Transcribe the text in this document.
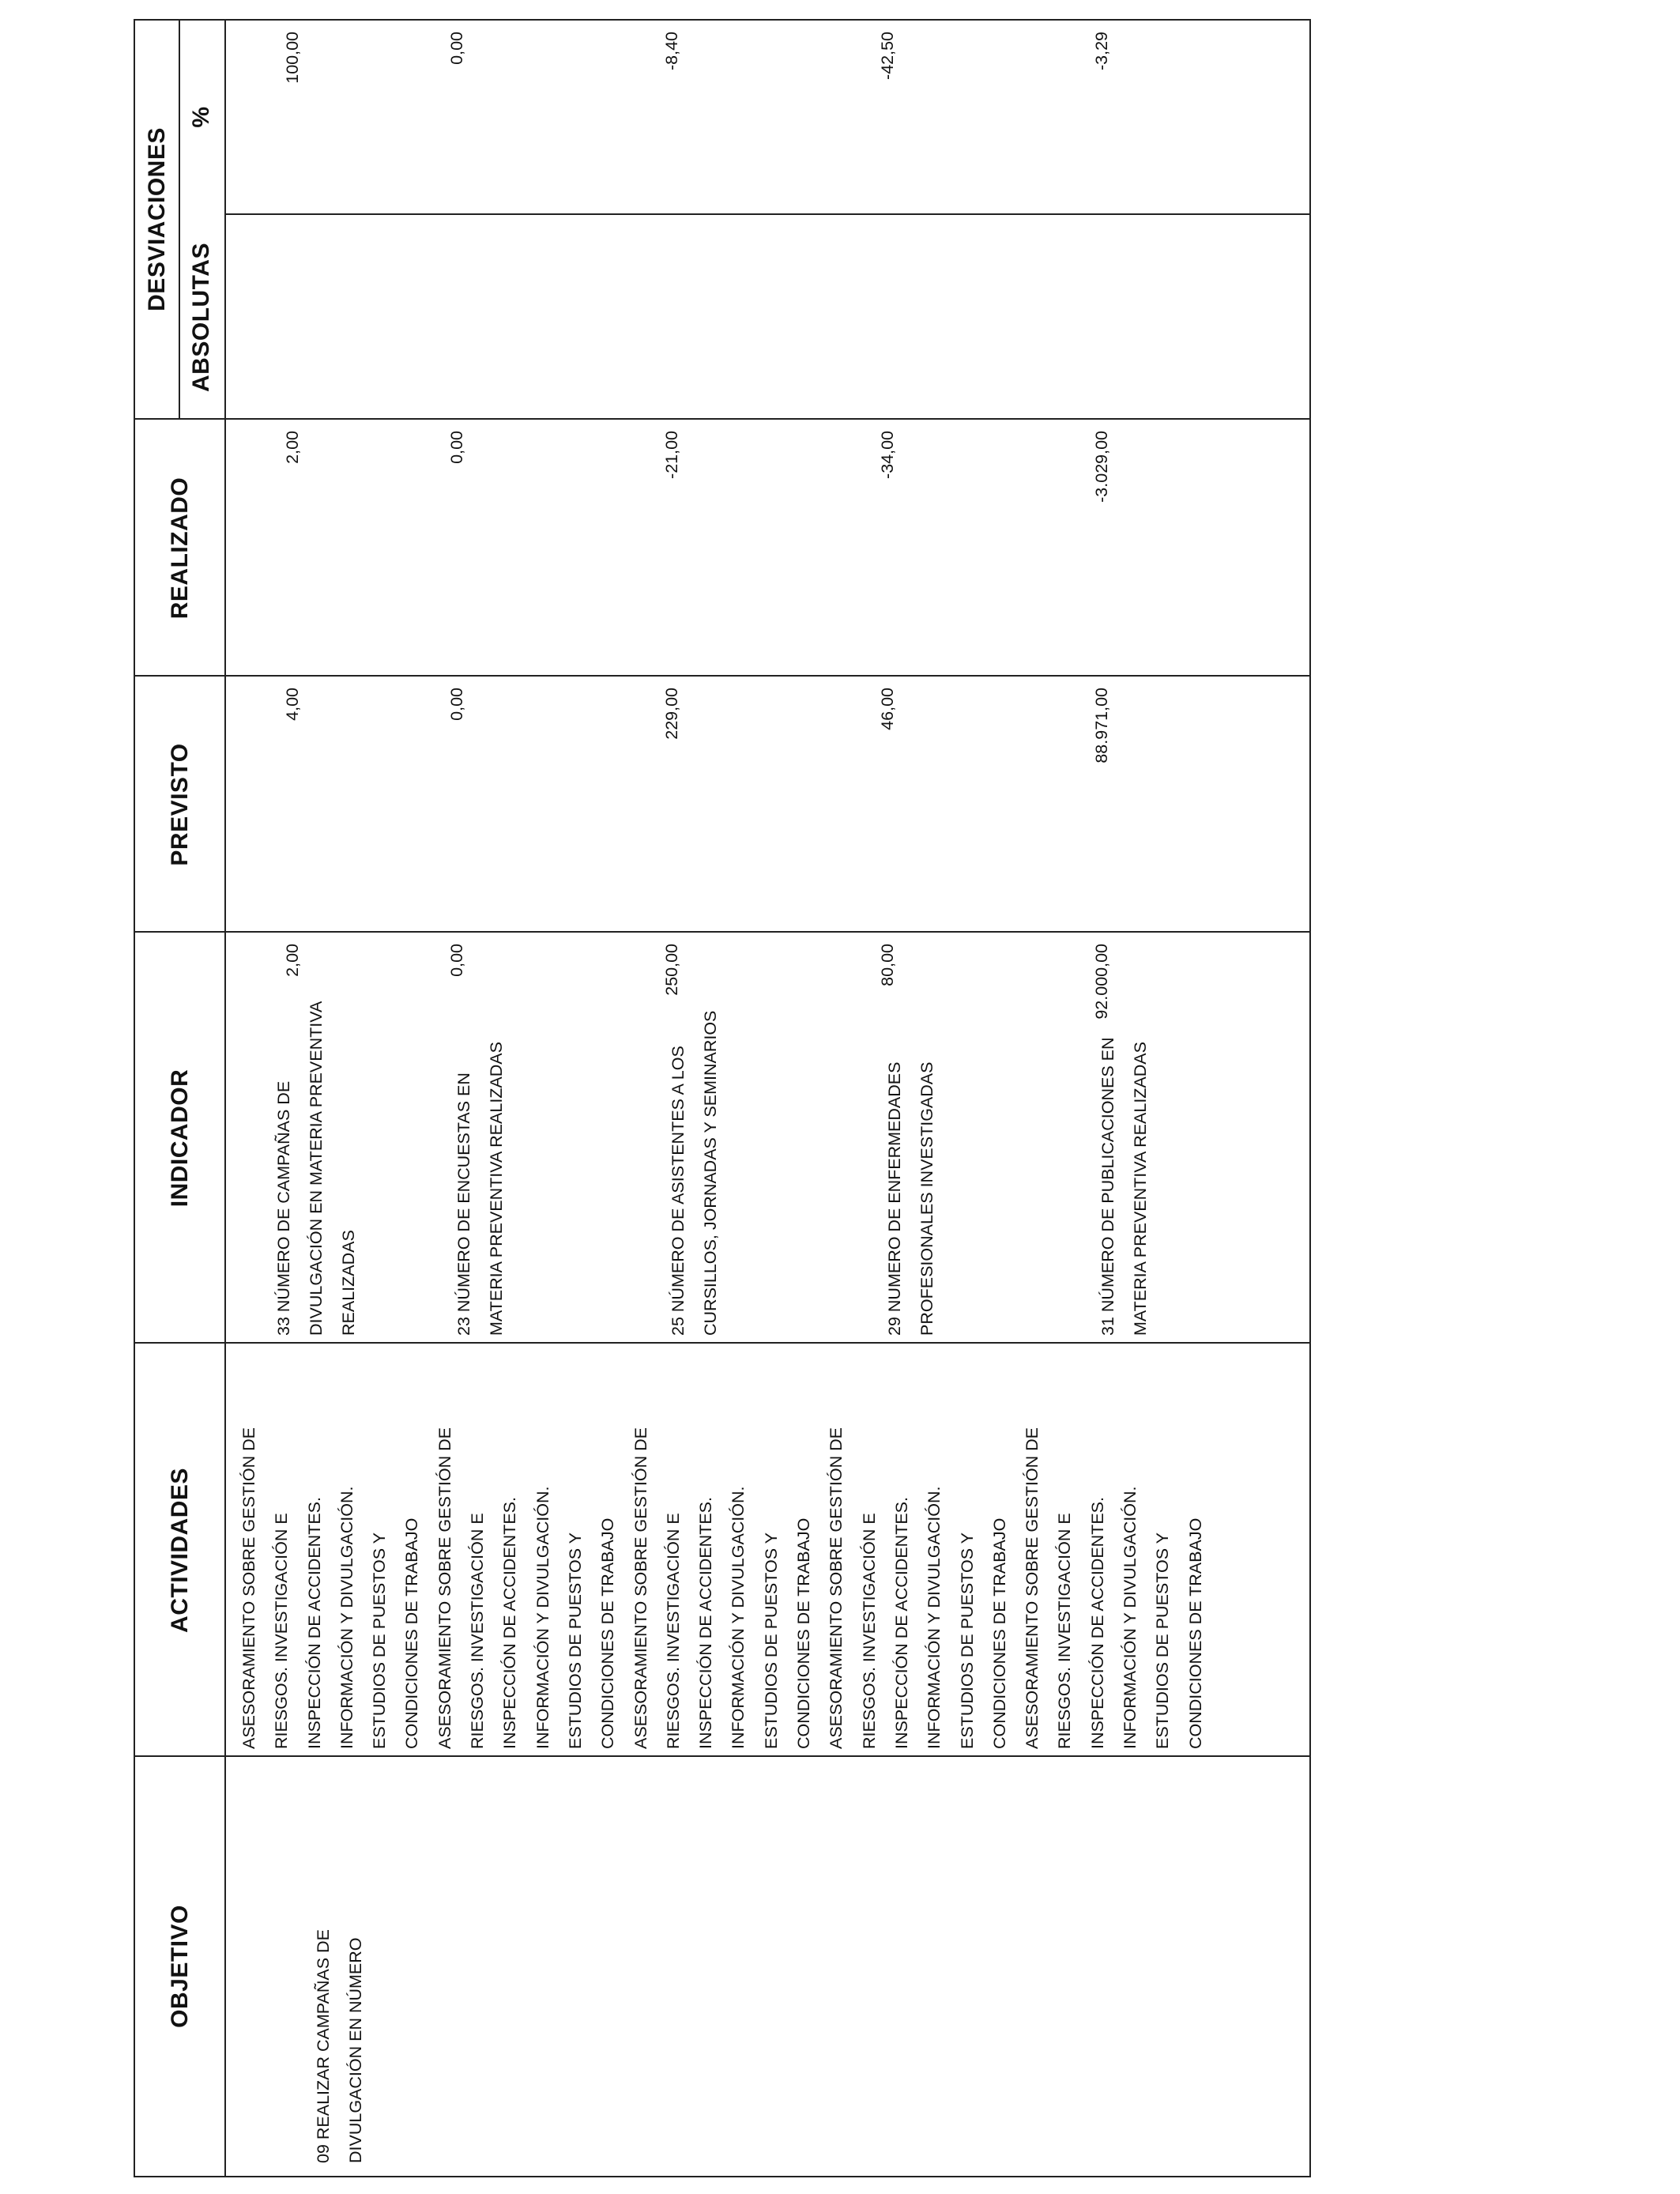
OBJETIVO
ACTIVIDADES
INDICADOR
PREVISTO
REALIZADO
DESVIACIONES
ABSOLUTAS
%
09 REALIZAR CAMPAÑAS DE DIVULGACIÓN EN NÚMERO
ASESORAMIENTO SOBRE GESTIÓN DE RIESGOS. INVESTIGACIÓN E INSPECCIÓN DE ACCIDENTES. INFORMACIÓN Y DIVULGACIÓN. ESTUDIOS DE PUESTOS Y CONDICIONES DE TRABAJO ASESORAMIENTO SOBRE GESTIÓN DE RIESGOS. INVESTIGACIÓN E INSPECCIÓN DE ACCIDENTES. INFORMACIÓN Y DIVULGACIÓN. ESTUDIOS DE PUESTOS Y CONDICIONES DE TRABAJO ASESORAMIENTO SOBRE GESTIÓN DE RIESGOS. INVESTIGACIÓN E INSPECCIÓN DE ACCIDENTES. INFORMACIÓN Y DIVULGACIÓN. ESTUDIOS DE PUESTOS Y CONDICIONES DE TRABAJO ASESORAMIENTO SOBRE GESTIÓN DE RIESGOS. INVESTIGACIÓN E INSPECCIÓN DE ACCIDENTES. INFORMACIÓN Y DIVULGACIÓN. ESTUDIOS DE PUESTOS Y CONDICIONES DE TRABAJO ASESORAMIENTO SOBRE GESTIÓN DE RIESGOS. INVESTIGACIÓN E INSPECCIÓN DE ACCIDENTES. INFORMACIÓN Y DIVULGACIÓN. ESTUDIOS DE PUESTOS Y CONDICIONES DE TRABAJO
33 NÚMERO DE CAMPAÑAS DE DIVULGACIÓN EN MATERIA PREVENTIVA REALIZADAS
2,00
4,00
2,00
100,00
23 NÚMERO DE ENCUESTAS EN MATERIA PREVENTIVA REALIZADAS
0,00
0,00
0,00
0,00
25 NÚMERO DE ASISTENTES A LOS CURSILLOS, JORNADAS Y SEMINARIOS
250,00
229,00
-21,00
-8,40
29 NUMERO DE ENFERMEDADES PROFESIONALES INVESTIGADAS
80,00
46,00
-34,00
-42,50
31 NÚMERO DE PUBLICACIONES EN MATERIA PREVENTIVA REALIZADAS
92.000,00
88.971,00
-3.029,00
-3,29
